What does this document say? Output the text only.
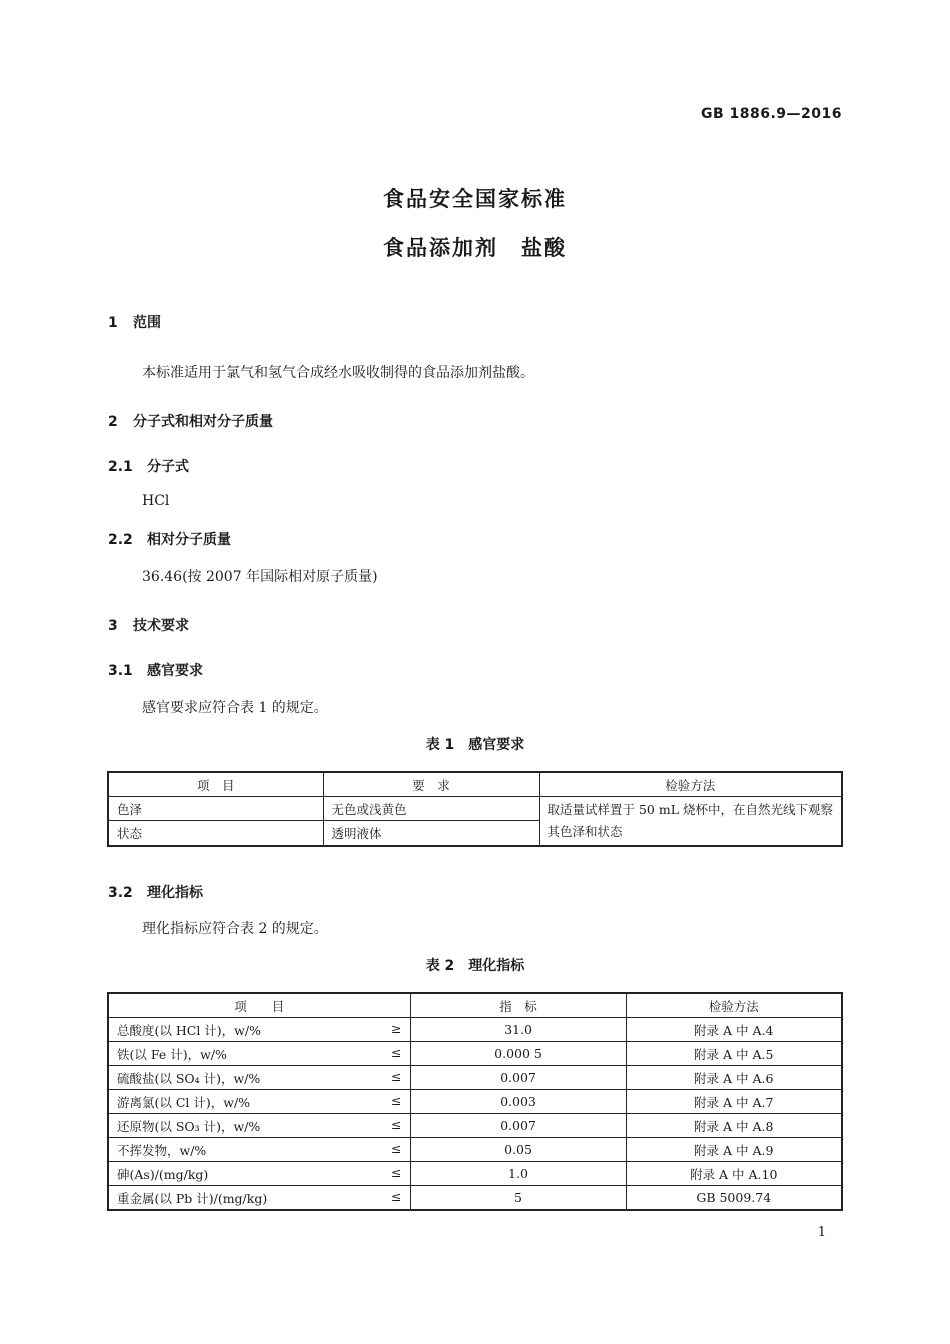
GB 1886.9—2016
食品安全国家标准
食品添加剂　盐酸
1 范围
本标准适用于氯气和氢气合成经水吸收制得的食品添加剂盐酸。
2 分子式和相对分子质量
2.1 分子式
HCl
2.2 相对分子质量
36.46(按 2007 年国际相对原子质量)
3 技术要求
3.1 感官要求
感官要求应符合表 1 的规定。
表 1　感官要求
项　目	要　求	检验方法
色泽	无色或浅黄色	取适量试样置于 50 mL 烧杯中，在自然光线下观察其色泽和状态
状态	透明液体	
3.2 理化指标
理化指标应符合表 2 的规定。
表 2　理化指标
项　　目	指　标	检验方法
总酸度(以 HCl 计)，w/% ≥	31.0	附录 A 中 A.4
铁(以 Fe 计)，w/% ≤	0.000 5	附录 A 中 A.5
硫酸盐(以 SO₄ 计)，w/% ≤	0.007	附录 A 中 A.6
游离氯(以 Cl 计)，w/% ≤	0.003	附录 A 中 A.7
还原物(以 SO₃ 计)，w/% ≤	0.007	附录 A 中 A.8
不挥发物，w/% ≤	0.05	附录 A 中 A.9
砷(As)/(mg/kg) ≤	1.0	附录 A 中 A.10
重金属(以 Pb 计)/(mg/kg) ≤	5	GB 5009.74
1
